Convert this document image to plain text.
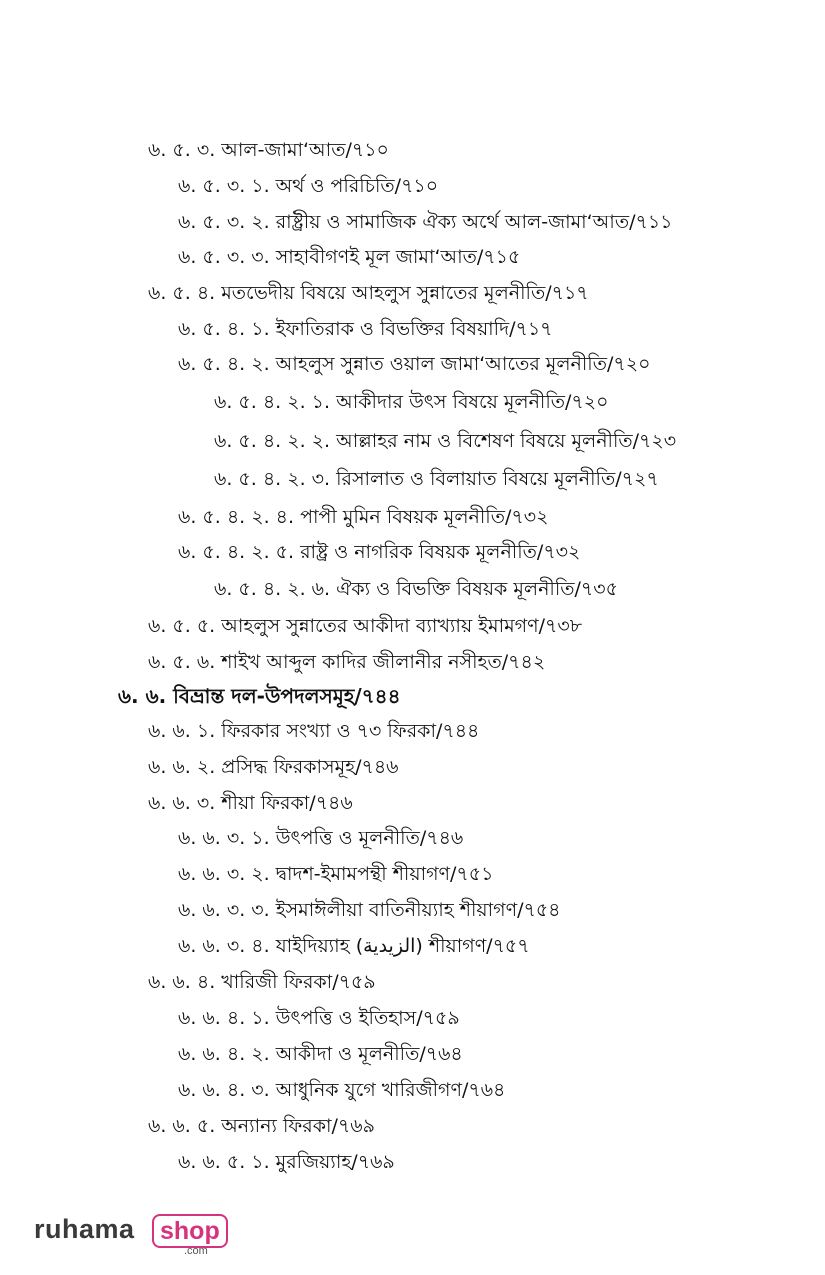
৬. ৫. ৩. আল-জামা‘আত/৭১০
৬. ৫. ৩. ১. অর্থ ও পরিচিতি/৭১০
৬. ৫. ৩. ২. রাষ্ট্রীয় ও সামাজিক ঐক্য অর্থে আল-জামা‘আত/৭১১
৬. ৫. ৩. ৩. সাহাবীগণই মূল জামা‘আত/৭১৫
৬. ৫. ৪. মতভেদীয় বিষয়ে আহলুস সুন্নাতের মূলনীতি/৭১৭
৬. ৫. ৪. ১. ইফাতিরাক ও বিভক্তির বিষয়াদি/৭১৭
৬. ৫. ৪. ২. আহলুস সুন্নাত ওয়াল জামা‘আতের মূলনীতি/৭২০
৬. ৫. ৪. ২. ১. আকীদার উৎস বিষয়ে মূলনীতি/৭২০
৬. ৫. ৪. ২. ২. আল্লাহর নাম ও বিশেষণ বিষয়ে মূলনীতি/৭২৩
৬. ৫. ৪. ২. ৩. রিসালাত ও বিলায়াত বিষয়ে মূলনীতি/৭২৭
৬. ৫. ৪. ২. ৪. পাপী মুমিন বিষয়ক মূলনীতি/৭৩২
৬. ৫. ৪. ২. ৫. রাষ্ট্র ও নাগরিক বিষয়ক মূলনীতি/৭৩২
৬. ৫. ৪. ২. ৬. ঐক্য ও বিভক্তি বিষয়ক মূলনীতি/৭৩৫
৬. ৫. ৫. আহলুস সুন্নাতের আকীদা ব্যাখ্যায় ইমামগণ/৭৩৮
৬. ৫. ৬. শাইখ আব্দুল কাদির জীলানীর নসীহত/৭৪২
৬. ৬. বিভ্রান্ত দল-উপদলসমূহ/৭৪৪
৬. ৬. ১. ফিরকার সংখ্যা ও ৭৩ ফিরকা/৭৪৪
৬. ৬. ২. প্রসিদ্ধ ফিরকাসমূহ/৭৪৬
৬. ৬. ৩. শীয়া ফিরকা/৭৪৬
৬. ৬. ৩. ১. উৎপত্তি ও মূলনীতি/৭৪৬
৬. ৬. ৩. ২. দ্বাদশ-ইমামপন্থী শীয়াগণ/৭৫১
৬. ৬. ৩. ৩. ইসমাঈলীয়া বাতিনীয়্যাহ শীয়াগণ/৭৫৪
৬. ৬. ৩. ৪. যাইদিয়্যাহ (الزيدية) শীয়াগণ/৭৫৭
৬. ৬. ৪. খারিজী ফিরকা/৭৫৯
৬. ৬. ৪. ১. উৎপত্তি ও ইতিহাস/৭৫৯
৬. ৬. ৪. ২. আকীদা ও মূলনীতি/৭৬৪
৬. ৬. ৪. ৩. আধুনিক যুগে খারিজীগণ/৭৬৪
৬. ৬. ৫. অন্যান্য ফিরকা/৭৬৯
৬. ৬. ৫. ১. মুরজিয়্যাহ/৭৬৯
ruhama	shop
.com
